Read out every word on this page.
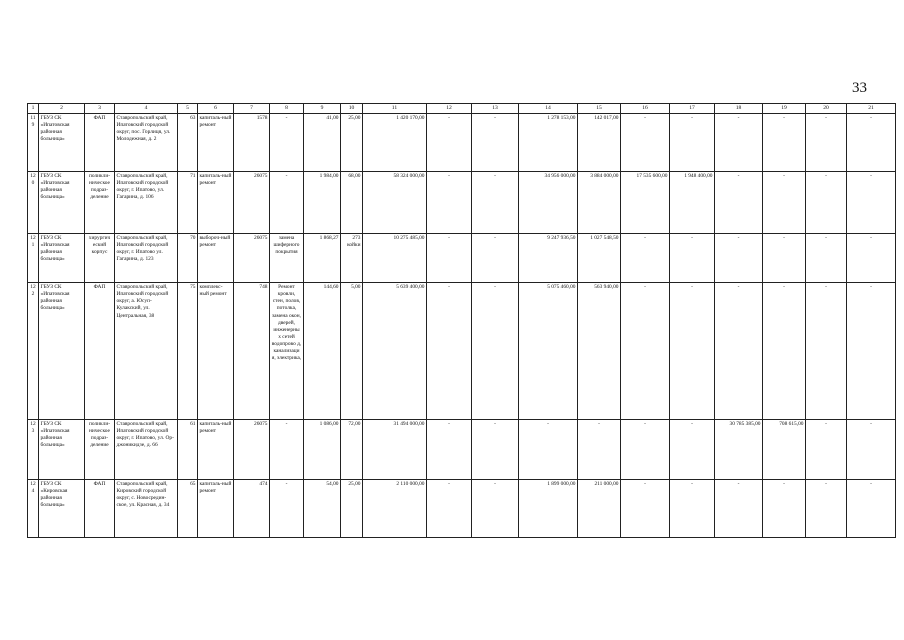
33
1	2	3	4	5	6	7	8	9	10	11	12	13	14	15	16	17	18	19	20	21
119	ГБУЗ СК «Ипатовская районная больница»	ФАП	Ставропольский край, Ипатовский городской округ, пос. Горлиця, ул. Молодежная, д. 2	63	капиталь-ный ремонт	1578	-	41,00	25,00	1 420 170,00	-	-	1 278 153,00	142 017,00	-	-	-	-	-	-
120	ГБУЗ СК «Ипатовская районная больница»	поликли-ническое подраз-деление	Ставропольский край, Ипатовский городской округ, г. Ипатово, ул. Гагарина, д. 106	71	капиталь-ный ремонт	26075	-	1 984,00	68,00	58 324 000,00	-	-	34 956 000,00	3 884 000,00	17 535 600,00	1 948 400,00	-	-	-	-
121	ГБУЗ СК «Ипатовская районная больница»	хирургич еский корпус	Ставропольский край, Ипатовский городской округ, г. Ипатово ул. Гагарина, д. 123	70	выбороч-ный ремонт	26075	замена шиферного покрытия	1 868,27	273 койки	10 275 485,00	-	-	9 247 936,50	1 027 548,50	-	-	-	-	-	-
122	ГБУЗ СК «Ипатовская районная больница»	ФАП	Ставропольский край, Ипатовский городской округ, а. Юсуп-Кулакский, ул. Центральная, 38	75	комплекс-ный ремонт	748	Ремонт кровли, стен, полов, потолка, замена окон, дверей, инженерны х сетей водопрово д, канализаци я, электрика,	144,60	5,00	5 639 400,00	-	-	5 075 460,00	563 940,00	-	-	-	-	-	-
123	ГБУЗ СК «Ипатовская районная больница»	поликли-ническое подраз-деление	Ставропольский край, Ипатовский городской округ, г. Ипатово, ул. Ор-джоникидзе, д. 66	61	капиталь-ный ремонт	26075	-	1 086,00	72,00	31 494 000,00	-	-	-	-	-	-	30 785 385,00	708 615,00	-	-
124	ГБУЗ СК «Кировская районная больница»	ФАП	Ставропольский край, Кировский городской округ, с. Новосредин-ское, ул. Красная, д. 34	65	капиталь-ный ремонт	474	-	54,00	25,00	2 110 000,00	-	-	1 899 000,00	211 000,00	-	-	-	-	-	-
